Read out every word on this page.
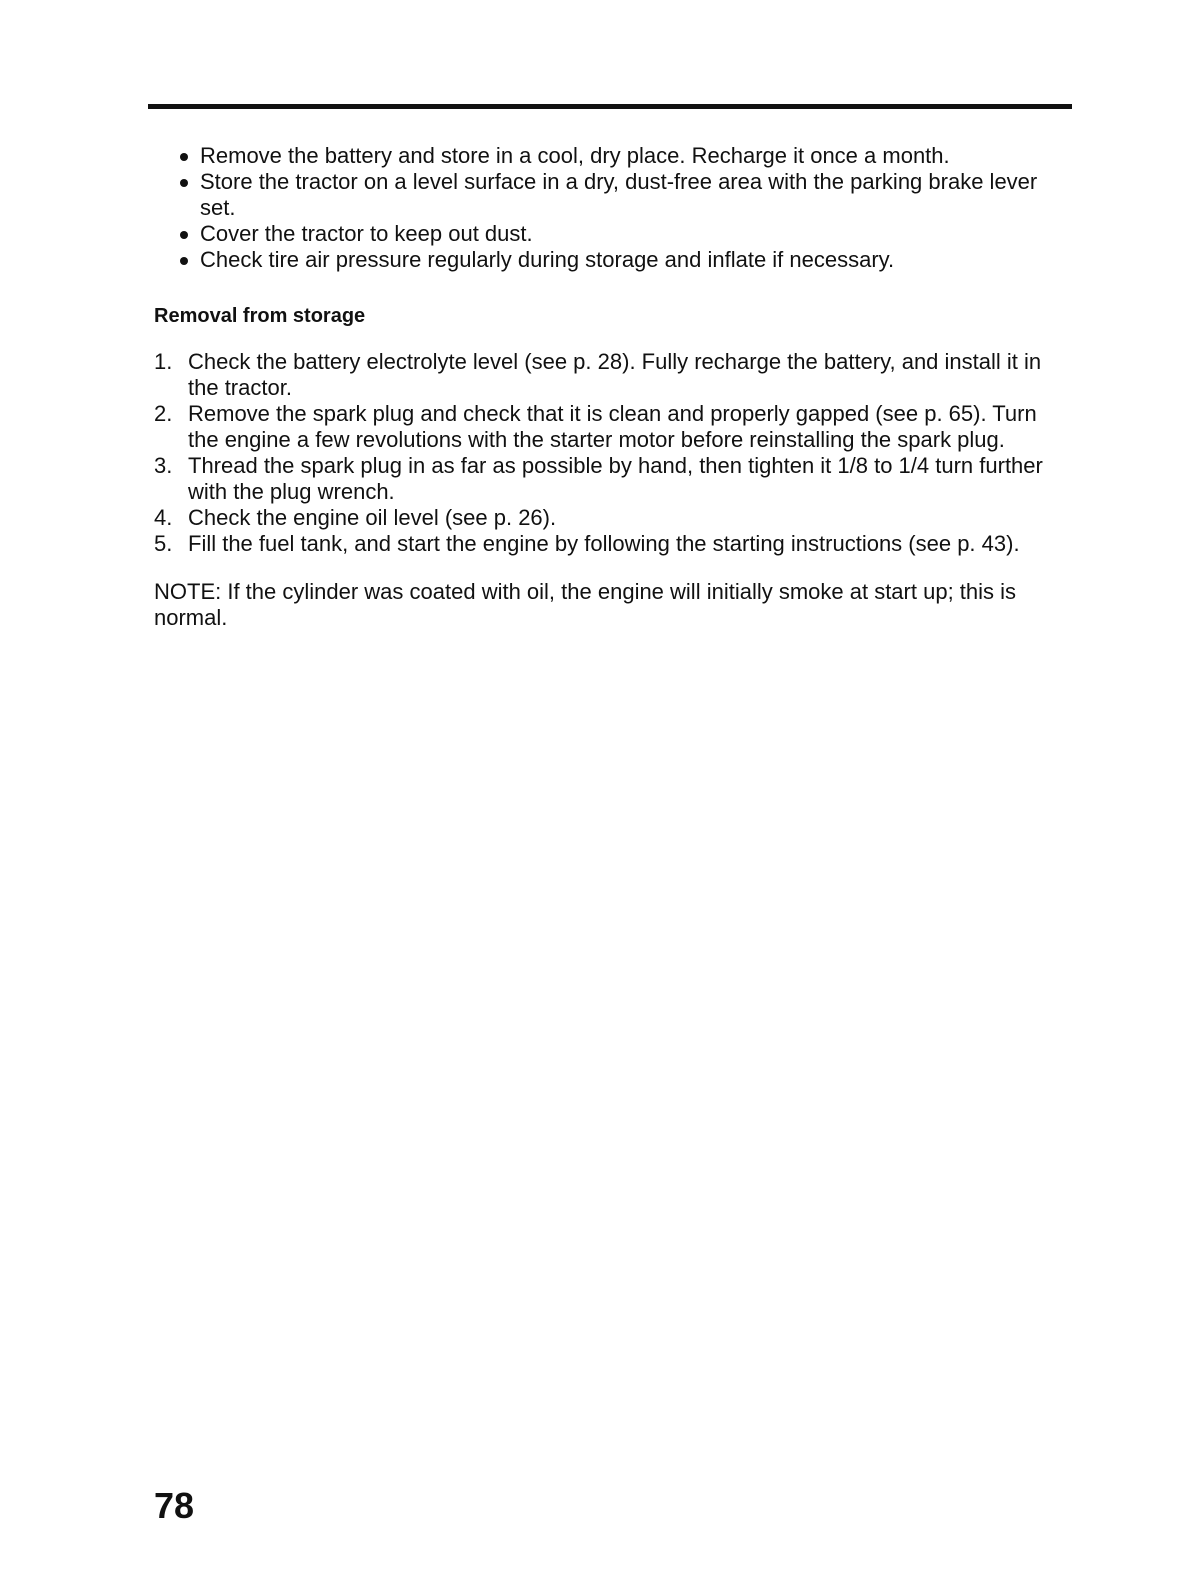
Remove the battery and store in a cool, dry place. Recharge it once a month.
Store the tractor on a level surface in a dry, dust-free area with the parking brake lever set.
Cover the tractor to keep out dust.
Check tire air pressure regularly during storage and inflate if necessary.
Removal from storage
1. Check the battery electrolyte level (see p. 28). Fully recharge the battery, and install it in the tractor.
2. Remove the spark plug and check that it is clean and properly gapped (see p. 65). Turn the engine a few revolutions with the starter motor before reinstalling the spark plug.
3. Thread the spark plug in as far as possible by hand, then tighten it 1/8 to 1/4 turn further with the plug wrench.
4. Check the engine oil level (see p. 26).
5. Fill the fuel tank, and start the engine by following the starting instructions (see p. 43).
NOTE: If the cylinder was coated with oil, the engine will initially smoke at start up; this is normal.
78
